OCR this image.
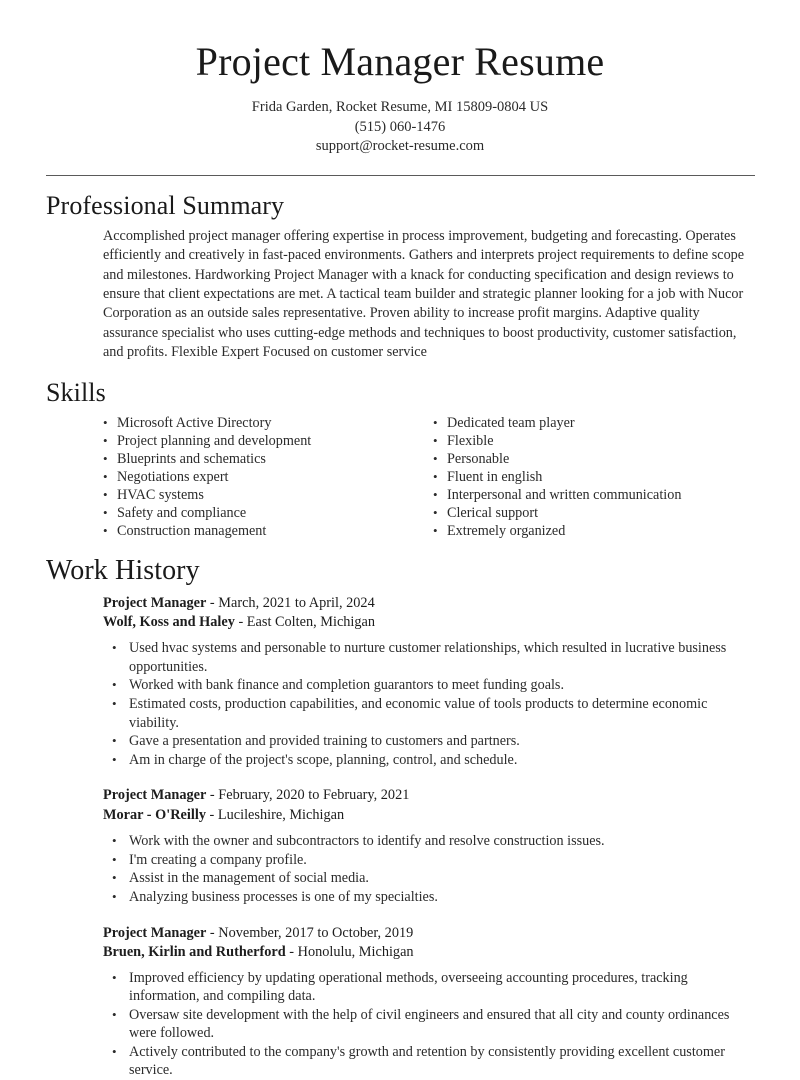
Project Manager Resume
Frida Garden, Rocket Resume, MI 15809-0804 US
(515) 060-1476
support@rocket-resume.com
Professional Summary

Accomplished project manager offering expertise in process improvement, budgeting and forecasting. Operates efficiently and creatively in fast-paced environments. Gathers and interprets project requirements to define scope and milestones. Hardworking Project Manager with a knack for conducting specification and design reviews to ensure that client expectations are met. A tactical team builder and strategic planner looking for a job with Nucor Corporation as an outside sales representative. Proven ability to increase profit margins. Adaptive quality assurance specialist who uses cutting-edge methods and techniques to boost productivity, customer satisfaction, and profits. Flexible Expert Focused on customer service

Skills
• Microsoft Active Directory
• Project planning and development
• Blueprints and schematics
• Negotiations expert
• HVAC systems
• Safety and compliance
• Construction management
• Dedicated team player
• Flexible
• Personable
• Fluent in english
• Interpersonal and written communication
• Clerical support
• Extremely organized
Work History
Project Manager - March, 2021 to April, 2024
Wolf, Koss and Haley - East Colten, Michigan
• Used hvac systems and personable to nurture customer relationships, which resulted in lucrative business opportunities.
• Worked with bank finance and completion guarantors to meet funding goals.
• Estimated costs, production capabilities, and economic value of tools products to determine economic viability.
• Gave a presentation and provided training to customers and partners.
• Am in charge of the project's scope, planning, control, and schedule.
Project Manager - February, 2020 to February, 2021
Morar - O'Reilly - Lucileshire, Michigan
• Work with the owner and subcontractors to identify and resolve construction issues.
• I'm creating a company profile.
• Assist in the management of social media.
• Analyzing business processes is one of my specialties.
Project Manager - November, 2017 to October, 2019
Bruen, Kirlin and Rutherford - Honolulu, Michigan
• Improved efficiency by updating operational methods, overseeing accounting procedures, tracking information, and compiling data.
• Oversaw site development with the help of civil engineers and ensured that all city and county ordinances were followed.
• Actively contributed to the company's growth and retention by consistently providing excellent customer service.
